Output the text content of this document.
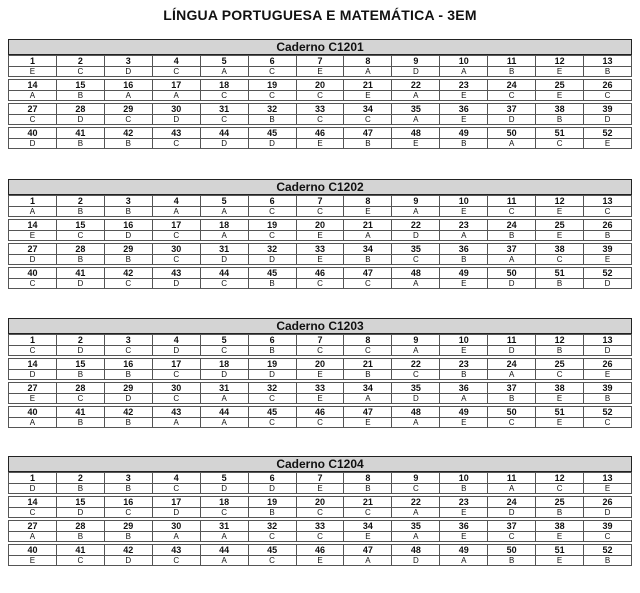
LÍNGUA PORTUGUESA E MATEMÁTICA - 3EM
Caderno C1201
1	2	3	4	5	6	7	8	9	10	11	12	13
E	C	D	C	A	C	E	A	D	A	B	E	B

14	15	16	17	18	19	20	21	22	23	24	25	26
A	B	A	A	C	C	C	E	A	E	C	E	C

27	28	29	30	31	32	33	34	35	36	37	38	39
C	D	C	D	C	B	C	C	A	E	D	B	D

40	41	42	43	44	45	46	47	48	49	50	51	52
D	B	B	C	D	D	E	B	E	B	A	C	E
Caderno C1202
1	2	3	4	5	6	7	8	9	10	11	12	13
A	B	B	A	A	C	C	E	A	E	C	E	C

14	15	16	17	18	19	20	21	22	23	24	25	26
E	C	D	C	A	C	E	A	D	A	B	E	B

27	28	29	30	31	32	33	34	35	36	37	38	39
D	B	B	C	D	D	E	B	C	B	A	C	E

40	41	42	43	44	45	46	47	48	49	50	51	52
C	D	C	D	C	B	C	C	A	E	D	B	D
Caderno C1203
1	2	3	4	5	6	7	8	9	10	11	12	13
C	D	C	D	C	B	C	C	A	E	D	B	D

14	15	16	17	18	19	20	21	22	23	24	25	26
D	B	B	C	D	D	E	B	C	B	A	C	E

27	28	29	30	31	32	33	34	35	36	37	38	39
E	C	D	C	A	C	E	A	D	A	B	E	B

40	41	42	43	44	45	46	47	48	49	50	51	52
A	B	B	A	A	C	C	E	A	E	C	E	C
Caderno C1204
1	2	3	4	5	6	7	8	9	10	11	12	13
D	B	B	C	D	D	E	B	C	B	A	C	E

14	15	16	17	18	19	20	21	22	23	24	25	26
C	D	C	D	C	B	C	C	A	E	D	B	D

27	28	29	30	31	32	33	34	35	36	37	38	39
A	B	B	A	A	C	C	E	A	E	C	E	C

40	41	42	43	44	45	46	47	48	49	50	51	52
E	C	D	C	A	C	E	A	D	A	B	E	B
